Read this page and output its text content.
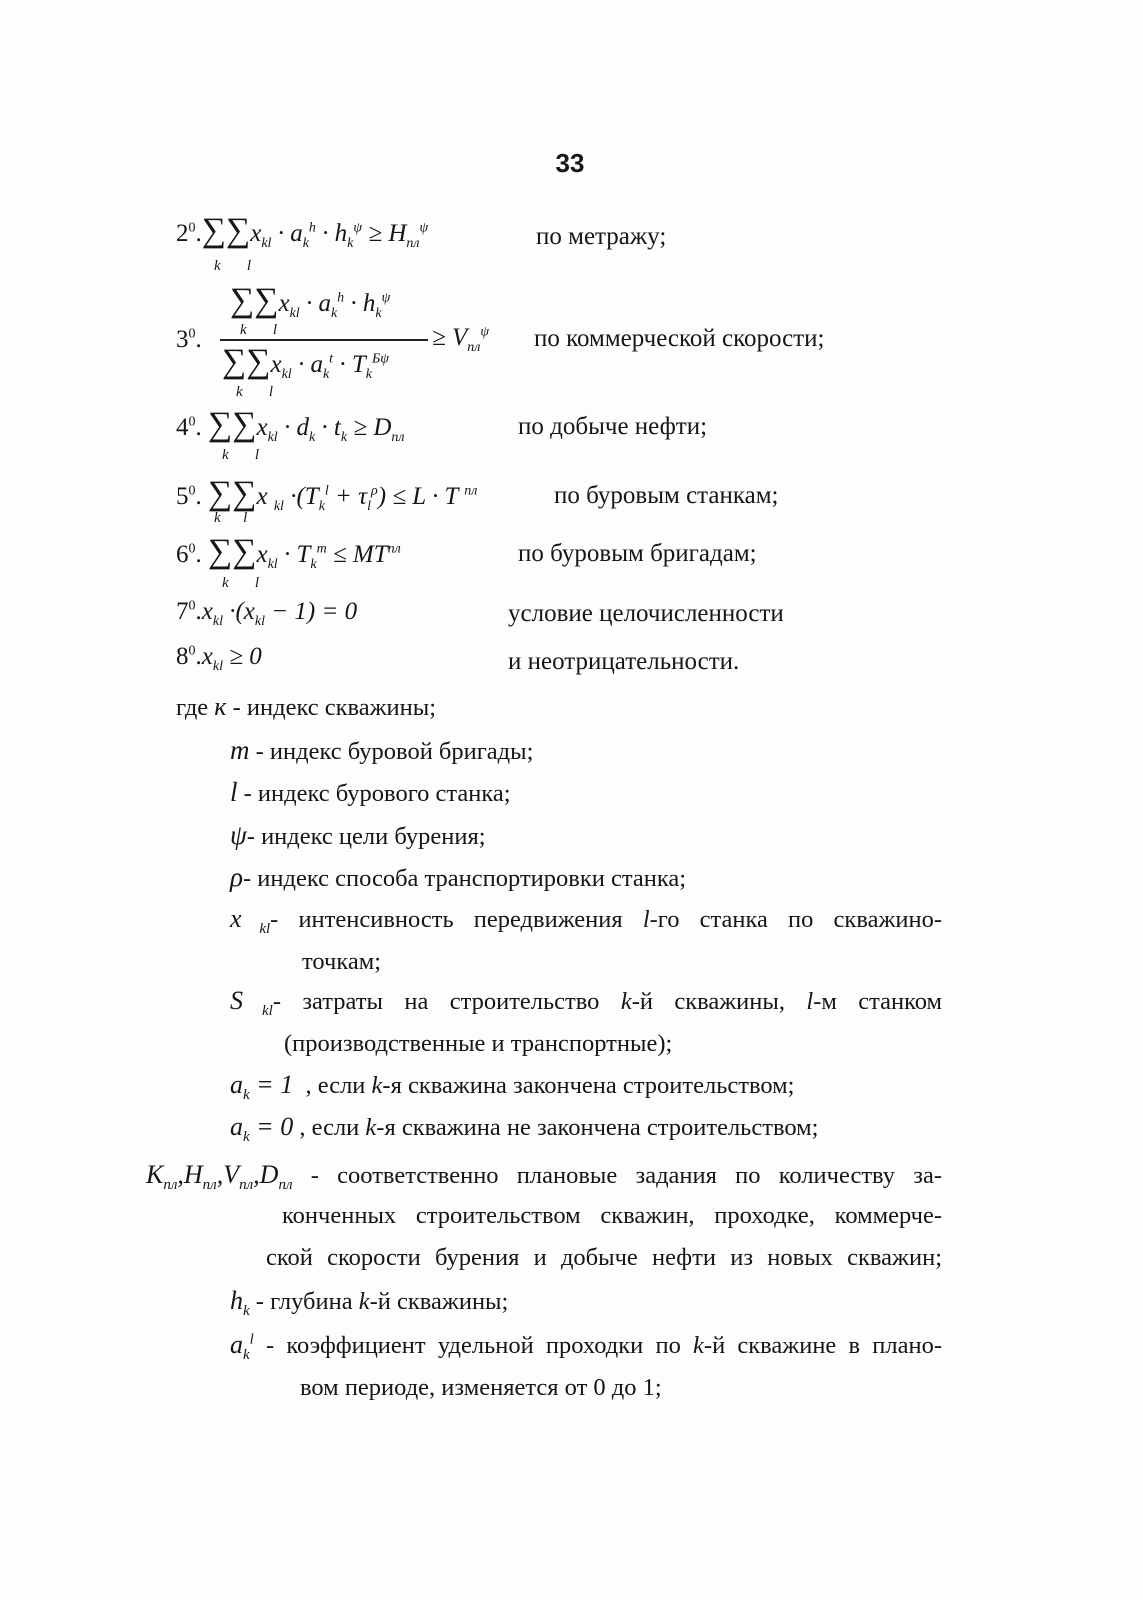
33
$2^0.\sum\sum x_{kl} \cdot a_k^h \cdot h_k^\psi \ge H_{пл}^\psi$
k       l
по метражу;
$\sum\sum x_{kl} \cdot a_k^h \cdot h_k^\psi$
k       l
$3^0$.	≥ $V_{пл}^\psi$
$\sum\sum x_{kl} \cdot a_k^t \cdot T_k^{Б\psi}$
k       l
по коммерческой скорости;
$4^0$. $\sum\sum x_{kl} \cdot d_k \cdot t_k \ge D_{пл}$
k       l
по добыче нефти;
$5^0$. ∑∑x $_{kl} \cdot(T_k^l + \tau_l^\rho) \le L \cdot T$ $^{пл}$
k      l
по буровым станкам;
$6^0$. $\sum\sum x_{kl} \cdot T_k^m \le MT^{пл}$
k       l
по буровым бригадам;
$7^0.x_{kl} \cdot(x_{kl} - 1) = 0$	условие целочисленности
$8^0.x_{kl} \ge 0$	и неотрицательности.
где к - индекс скважины;
m - индекс буровой бригады;
l - индекс бурового станка;
ψ- индекс цели бурения;
ρ- индекс способа транспортировки станка;
x $_{kl}$- интенсивность передвижения l-го станка по скважино-
точкам;
S $_{kl}$- затраты на строительство k-й скважины, l-м станком
(производственные и транспортные);
$a_k = 1$ , если k-я скважина закончена строительством;
$a_k = 0$ , если k-я скважина не закончена строительством;
$K_{пл},H_{пл},V_{пл},D_{пл}$ - соответственно плановые задания по количеству за-
конченных строительством скважин, проходке, коммерче-
ской скорости бурения и добыче нефти из новых скважин;
$h_k$ - глубина k-й скважины;
$a_k^l$ - коэффициент удельной проходки по k-й скважине в плано-
вом периоде, изменяется от 0 до 1;
